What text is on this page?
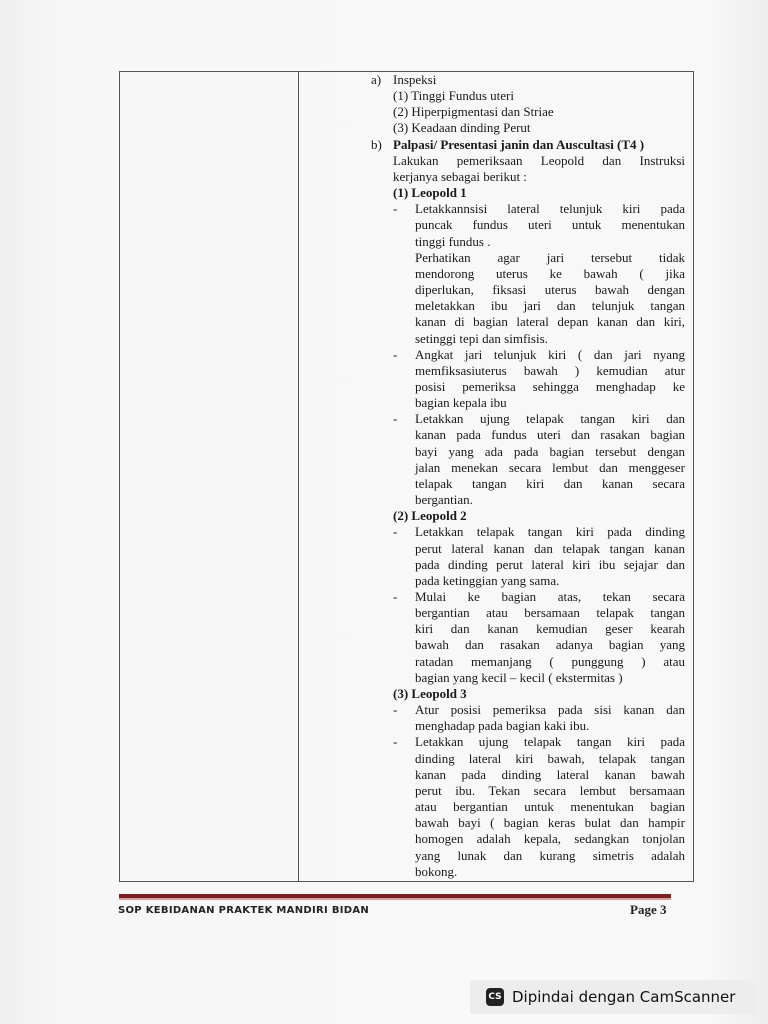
a) Inspeksi
(1) Tinggi Fundus uteri
(2) Hiperpigmentasi dan Striae
(3) Keadaan dinding Perut
b) Palpasi/ Presentasi janin dan Auscultasi (T4 )
Lakukan pemeriksaan Leopold dan Instruksi
kerjanya sebagai berikut :
(1) Leopold 1
- Letakkannsisi lateral telunjuk kiri pada
puncak fundus uteri untuk menentukan
tinggi fundus .
Perhatikan agar jari tersebut tidak
mendorong uterus ke bawah ( jika
diperlukan, fiksasi uterus bawah dengan
meletakkan ibu jari dan telunjuk tangan
kanan di bagian lateral depan kanan dan kiri,
setinggi tepi dan simfisis.
- Angkat jari telunjuk kiri ( dan jari nyang
memfiksasiuterus bawah ) kemudian atur
posisi pemeriksa sehingga menghadap ke
bagian kepala ibu
- Letakkan ujung telapak tangan kiri dan
kanan pada fundus uteri dan rasakan bagian
bayi yang ada pada bagian tersebut dengan
jalan menekan secara lembut dan menggeser
telapak tangan kiri dan kanan secara
bergantian.
(2) Leopold 2
- Letakkan telapak tangan kiri pada dinding
perut lateral kanan dan telapak tangan kanan
pada dinding perut lateral kiri ibu sejajar dan
pada ketinggian yang sama.
- Mulai ke bagian atas, tekan secara
bergantian atau bersamaan telapak tangan
kiri dan kanan kemudian geser kearah
bawah dan rasakan adanya bagian yang
ratadan memanjang ( punggung ) atau
bagian yang kecil – kecil ( ekstermitas )
(3) Leopold 3
- Atur posisi pemeriksa pada sisi kanan dan
menghadap pada bagian kaki ibu.
- Letakkan ujung telapak tangan kiri pada
dinding lateral kiri bawah, telapak tangan
kanan pada dinding lateral kanan bawah
perut ibu. Tekan secara lembut bersamaan
atau bergantian untuk menentukan bagian
bawah bayi ( bagian keras bulat dan hampir
homogen adalah kepala, sedangkan tonjolan
yang lunak dan kurang simetris adalah
bokong.
SOP KEBIDANAN PRAKTEK MANDIRI BIDAN	Page 3
CS Dipindai dengan CamScanner
